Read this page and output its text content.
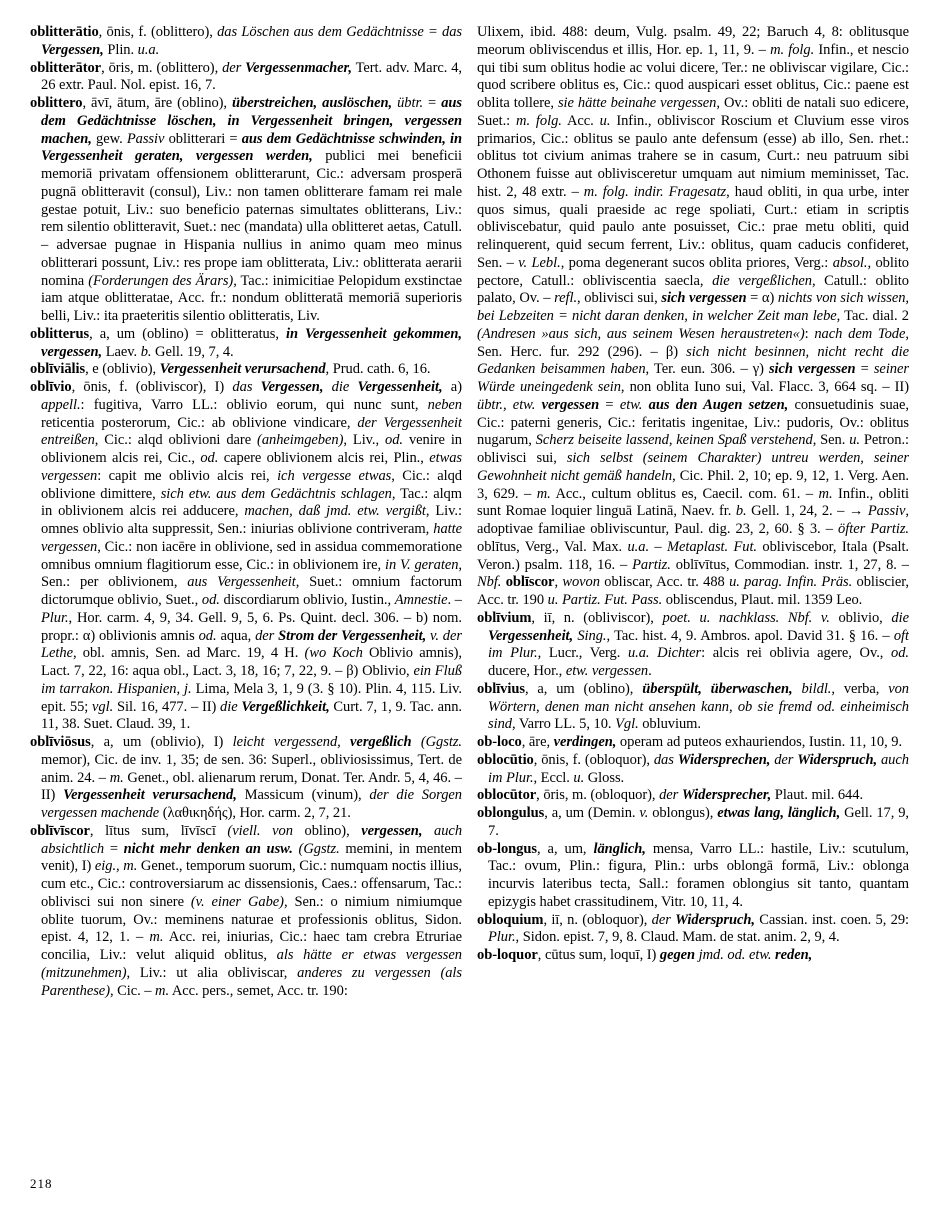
oblitterātio, ōnis, f. (oblittero), das Löschen aus dem Gedächtnisse = das Vergessen, Plin. u.a.

oblitterātor, ōris, m. (oblittero), der Vergessenmacher, Tert. adv. Marc. 4, 26 extr. Paul. Nol. epist. 16, 7.

oblittero, āvī, ātum, āre (oblino), überstreichen, auslöschen, übtr. = aus dem Gedächtnisse löschen, in Vergessenheit bringen, vergessen machen, gew. Passiv oblitterari = aus dem Gedächtnisse schwinden, in Vergessenheit geraten, vergessen werden, publici mei beneficii memoriā privatam offensionem oblitterarunt, Cic.: adversam prosperā pugnā oblitteravit (consul), Liv.: non tamen oblitterare famam rei male gestae potuit, Liv.: suo beneficio paternas simultates oblitterans, Liv.: rem silentio oblitteravit, Suet.: nec (mandata) ulla oblitteret aetas, Catull. – adversae pugnae in Hispania nullius in animo quam meo minus oblitterari possunt, Liv.: res prope iam oblitterata, Liv.: oblitterata aerarii nomina (Forderungen des Ärars), Tac.: inimicitiae Pelopidum exstinctae iam atque oblitteratae, Acc. fr.: nondum oblitteratā memoriā superioris belli, Liv.: ita praeteritis silentio oblitteratis, Liv.

oblitterus, a, um (oblino) = oblitteratus, in Vergessenheit gekommen, vergessen, Laev. b. Gell. 19, 7, 4.

oblīviālis, e (oblivio), Vergessenheit verursachend, Prud. cath. 6, 16.

oblīvio, ōnis, f. (obliviscor), I) das Vergessen, die Vergessenheit, a) appell.: fugitiva, Varro LL.: oblivio eorum, qui nunc sunt, neben reticentia posterorum, Cic.: ab oblivione vindicare, der Vergessenheit entreißen, Cic.: alqd oblivioni dare (anheimgeben), Liv., od. venire in oblivionem alcis rei, Cic., od. capere oblivionem alcis rei, Plin., etwas vergessen: capit me oblivio alcis rei, ich vergesse etwas, Cic.: alqd oblivione dimittere, sich etw. aus dem Gedächtnis schlagen, Tac.: alqm in oblivionem alcis rei adducere, machen, daß jmd. etw. vergißt, Liv.: omnes oblivio alta suppressit, Sen.: iniurias oblivione contriveram, hatte vergessen, Cic.: non iacēre in oblivione, sed in assidua commemoratione omnibus omnium flagitiorum esse, Cic.: in oblivionem ire, in V. geraten, Sen.: per oblivionem, aus Vergessenheit, Suet.: omnium factorum dictorumque oblivio, Suet., od. discordiarum oblivio, Iustin., Amnestie. – Plur., Hor. carm. 4, 9, 34. Gell. 9, 5, 6. Ps. Quint. decl. 306. – b) nom. propr.: α) oblivionis amnis od. aqua, der Strom der Vergessenheit, v. der Lethe, obl. amnis, Sen. ad Marc. 19, 4 H. (wo Koch Oblivio amnis), Lact. 7, 22, 16: aqua obl., Lact. 3, 18, 16; 7, 22, 9. – β) Oblivio, ein Fluß im tarrakon. Hispanien, j. Lima, Mela 3, 1, 9 (3. § 10). Plin. 4, 115. Liv. epit. 55; vgl. Sil. 16, 477. – II) die Vergeßlichkeit, Curt. 7, 1, 9. Tac. ann. 11, 38. Suet. Claud. 39, 1.

oblīviōsus, a, um (oblivio), I) leicht vergessend, vergeßlich (Ggstz. memor), Cic. de inv. 1, 35; de sen. 36: Superl., obliviosissimus, Tert. de anim. 24. – m. Genet., obl. alienarum rerum, Donat. Ter. Andr. 5, 4, 46. – II) Vergessenheit verursachend, Massicum (vinum), der die Sorgen vergessen machende (λαθικηδής), Hor. carm. 2, 7, 21.

oblīvīscor, lītus sum, līvīscī (viell. von oblino), vergessen, auch absichtlich = nicht mehr denken an usw. (Ggstz. memini, in mentem venit), I) eig., m. Genet., temporum suorum, Cic.: numquam noctis illius, cum etc., Cic.: controversiarum ac dissensionis, Caes.: offensarum, Tac.: oblivisci sui non sinere (v. einer Gabe), Sen.: o nimium nimiumque oblite tuorum, Ov.: meminens naturae et professionis oblitus, Sidon. epist. 4, 12, 1. – m. Acc. rei, iniurias, Cic.: haec tam crebra Etruriae concilia, Liv.: velut aliquid oblitus, als hätte er etwas vergessen (mitzunehmen), Liv.: ut alia obliviscar, anderes zu vergessen (als Parenthese), Cic. – m. Acc. pers., semet, Acc. tr. 190:

Ulixem, ibid. 488: deum, Vulg. psalm. 49, 22; Baruch 4, 8: oblitusque meorum obliviscendus et illis, Hor. ep. 1, 11, 9. – m. folg. Infin., et nescio qui tibi sum oblitus hodie ac volui dicere, Ter.: ne obliviscar vigilare, Cic.: quod scribere oblitus es, Cic.: quod auspicari esset oblitus, Cic.: paene est oblita tollere, sie hätte beinahe vergessen, Ov.: obliti de natali suo edicere, Suet.: m. folg. Acc. u. Infin., obliviscor Roscium et Cluvium esse viros primarios, Cic.: oblitus se paulo ante defensum (esse) ab illo, Sen. rhet.: oblitus tot civium animas trahere se in casum, Curt.: neu patruum sibi Othonem fuisse aut oblivisceretur umquam aut nimium meminisset, Tac. hist. 2, 48 extr. – m. folg. indir. Fragesatz, haud obliti, in qua urbe, inter quos simus, quali praeside ac rege spoliati, Curt.: etiam in scriptis obliviscebatur, quid paulo ante posuisset, Cic.: prae metu obliti, quid relinquerent, quid secum ferrent, Liv.: oblitus, quam caducis confideret, Sen. – v. Lebl., poma degenerant sucos oblita priores, Verg.: absol., oblito pectore, Catull.: obliviscentia saecla, die vergeßlichen, Catull.: oblito palato, Ov. – refl., oblivisci sui, sich vergessen = α) nichts von sich wissen, bei Lebzeiten = nicht daran denken, in welcher Zeit man lebe, Tac. dial. 2 (Andresen »aus sich, aus seinem Wesen heraustreten«): nach dem Tode, Sen. Herc. fur. 292 (296). – β) sich nicht besinnen, nicht recht die Gedanken beisammen haben, Ter. eun. 306. – γ) sich vergessen = seiner Würde uneingedenk sein, non oblita Iuno sui, Val. Flacc. 3, 664 sq. – II) übtr., etw. vergessen = etw. aus den Augen setzen, consuetudinis suae, Cic.: paterni generis, Cic.: feritatis ingenitae, Liv.: pudoris, Ov.: oblitus nugarum, Scherz beiseite lassend, keinen Spaß verstehend, Sen. u. Petron.: oblivisci sui, sich selbst (seinem Charakter) untreu werden, seiner Gewohnheit nicht gemäß handeln, Cic. Phil. 2, 10; ep. 9, 12, 1. Verg. Aen. 3, 629. – m. Acc., cultum oblitus es, Caecil. com. 61. – m. Infin., obliti sunt Romae loquier linguā Latinā, Naev. fr. b. Gell. 1, 24, 2. – → Passiv, adoptivae familiae obliviscuntur, Paul. dig. 23, 2, 60. § 3. – öfter Partiz. oblītus, Verg., Val. Max. u.a. – Metaplast. Fut. obliviscebor, Itala (Psalt. Veron.) psalm. 118, 16. – Partiz. oblīvītus, Commodian. instr. 1, 27, 8. – Nbf. oblīscor, wovon obliscar, Acc. tr. 488 u. parag. Infin. Präs. obliscier, Acc. tr. 190 u. Partiz. Fut. Pass. obliscendus, Plaut. mil. 1359 Leo.

oblīvium, iī, n. (obliviscor), poet. u. nachklass. Nbf. v. oblivio, die Vergessenheit, Sing., Tac. hist. 4, 9. Ambros. apol. David 31. § 16. – oft im Plur., Lucr., Verg. u.a. Dichter: alcis rei oblivia agere, Ov., od. ducere, Hor., etw. vergessen.

oblīvius, a, um (oblino), überspült, überwaschen, bildl., verba, von Wörtern, denen man nicht ansehen kann, ob sie fremd od. einheimisch sind, Varro LL. 5, 10. Vgl. obluvium.

ob-loco, āre, verdingen, operam ad puteos exhauriendos, Iustin. 11, 10, 9.

oblocūtio, ōnis, f. (obloquor), das Widersprechen, der Widerspruch, auch im Plur., Eccl. u. Gloss.

oblocūtor, ōris, m. (obloquor), der Widersprecher, Plaut. mil. 644.

oblongulus, a, um (Demin. v. oblongus), etwas lang, länglich, Gell. 17, 9, 7.

ob-longus, a, um, länglich, mensa, Varro LL.: hastile, Liv.: scutulum, Tac.: ovum, Plin.: figura, Plin.: urbs oblongā formā, Liv.: oblonga incurvis lateribus tecta, Sall.: foramen oblongius sit tanto, quantam epizygis habet crassitudinem, Vitr. 10, 11, 4.

obloquium, iī, n. (obloquor), der Widerspruch, Cassian. inst. coen. 5, 29: Plur., Sidon. epist. 7, 9, 8. Claud. Mam. de stat. anim. 2, 9, 4.

ob-loquor, cūtus sum, loquī, I) gegen jmd. od. etw. reden,

218
